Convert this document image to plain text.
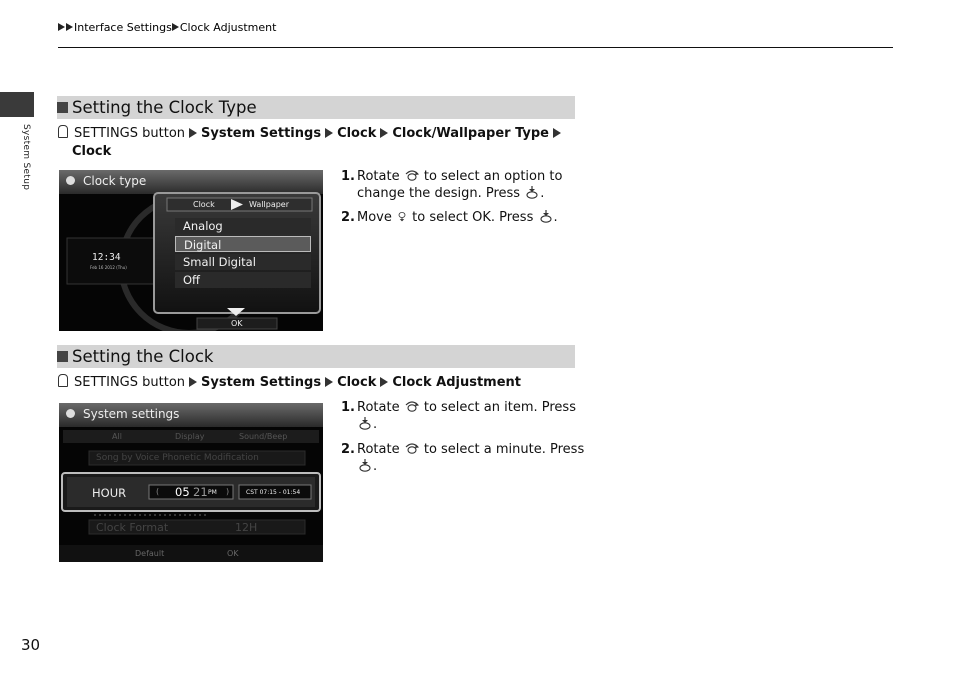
Interface Settings Clock Adjustment
System Setup
Setting the Clock Type
SETTINGS button System Settings Clock Clock/Wallpaper Type
Clock
Clock type
Clock	Wallpaper
Analog
Digital
Small Digital
Off
12:34
Feb 16 2012 (Thu)
OK
1. Rotate to select an option to
change the design. Press .
2. Move to select OK. Press .
Setting the Clock
SETTINGS button System Settings Clock Clock Adjustment
System settings
All	Display	Sound/Beep
Song by Voice Phonetic Modification
HOUR	( 05 21 PM )	CST 07:15 - 01:54
Clock Format	12H
Default	OK
1. Rotate to select an item. Press
.
2. Rotate to select a minute. Press
.
30
